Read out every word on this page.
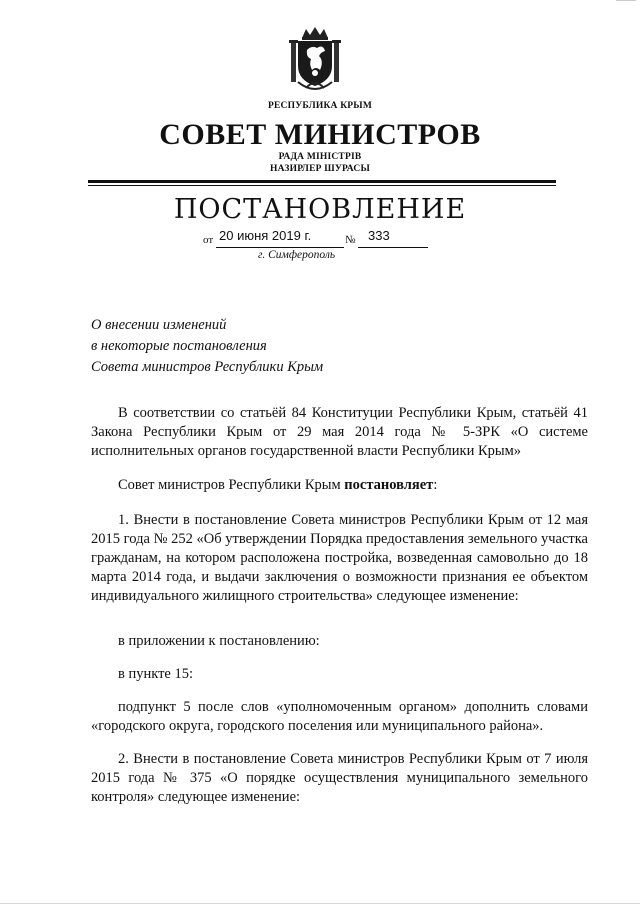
РЕСПУБЛИКА КРЫМ
СОВЕТ МИНИСТРОВ
РАДА МІНІСТРІВ
НАЗИРЛЕР ШУРАСЫ
ПОСТАНОВЛЕНИЕ
от 20 июня 2019 г.	№ 333
г. Симферополь
О внесении изменений
в некоторые постановления
Совета министров Республики Крым
В соответствии со статьёй 84 Конституции Республики Крым, статьёй 41 Закона Республики Крым от 29 мая 2014 года № 5-ЗРК «О системе исполнительных органов государственной власти Республики Крым»
Совет министров Республики Крым постановляет:
1. Внести в постановление Совета министров Республики Крым от 12 мая 2015 года № 252 «Об утверждении Порядка предоставления земельного участка гражданам, на котором расположена постройка, возведенная самовольно до 18 марта 2014 года, и выдачи заключения о возможности признания ее объектом индивидуального жилищного строительства» следующее изменение:
в приложении к постановлению:
в пункте 15:
подпункт 5 после слов «уполномоченным органом» дополнить словами «городского округа, городского поселения или муниципального района».
2. Внести в постановление Совета министров Республики Крым от 7 июля 2015 года № 375 «О порядке осуществления муниципального земельного контроля» следующее изменение:
